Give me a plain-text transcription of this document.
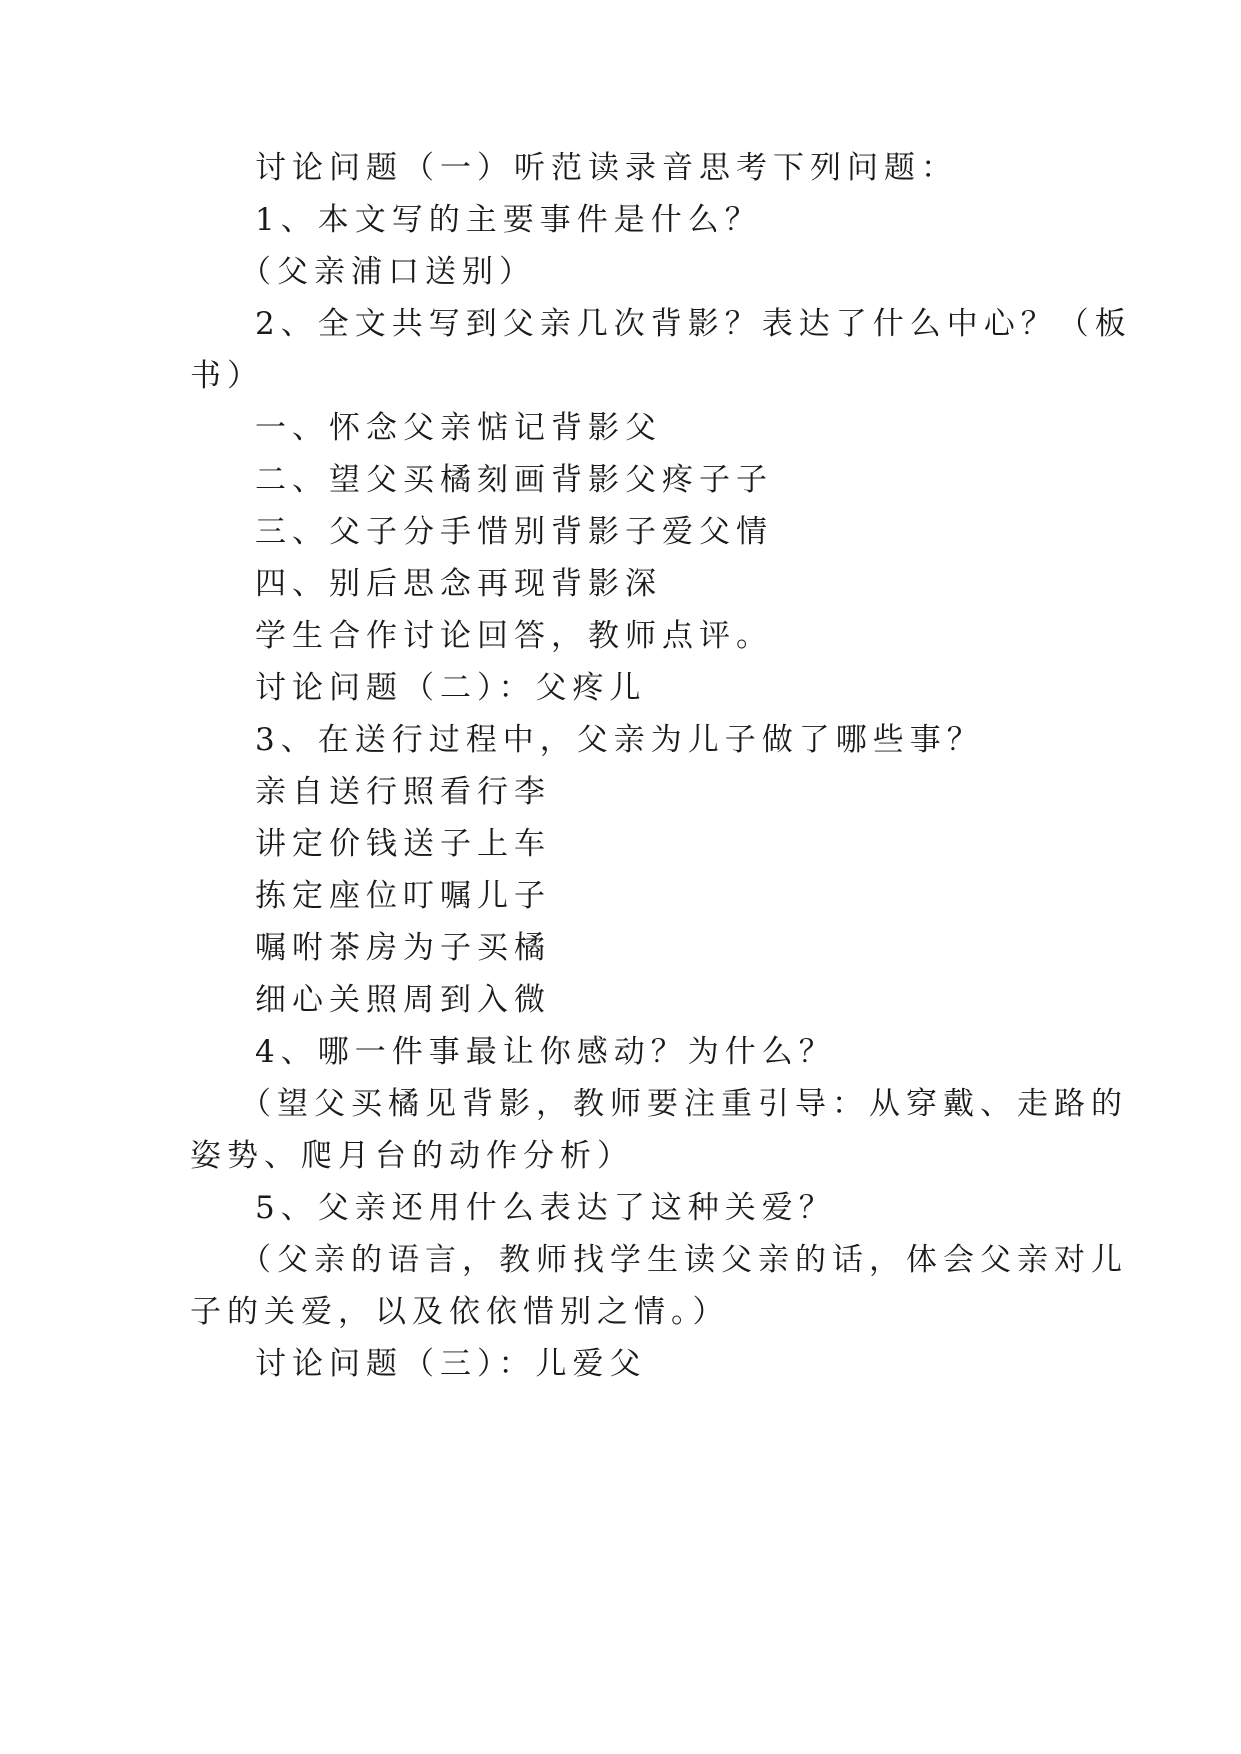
讨论问题（一）听范读录音思考下列问题：

1、本文写的主要事件是什么？

（父亲浦口送别）

2、全文共写到父亲几次背影？表达了什么中心？（板

书）

一、怀念父亲惦记背影父

二、望父买橘刻画背影父疼子子

三、父子分手惜别背影子爱父情

四、别后思念再现背影深

学生合作讨论回答，教师点评。

讨论问题（二）：父疼儿

3、在送行过程中，父亲为儿子做了哪些事？

亲自送行照看行李

讲定价钱送子上车

拣定座位叮嘱儿子

嘱咐茶房为子买橘

细心关照周到入微

4、哪一件事最让你感动？为什么？

（望父买橘见背影，教师要注重引导：从穿戴、走路的

姿势、爬月台的动作分析）

5、父亲还用什么表达了这种关爱？

（父亲的语言，教师找学生读父亲的话，体会父亲对儿

子的关爱，以及依依惜别之情。）

讨论问题（三）：儿爱父
